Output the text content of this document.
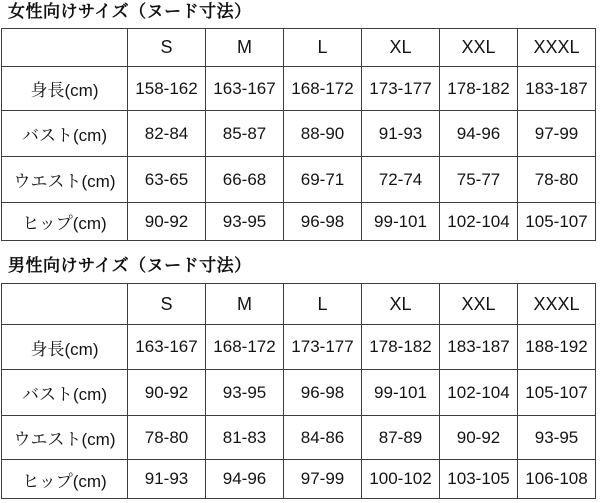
女性向けサイズ（ヌード寸法）
	S	M	L	XL	XXL	XXXL
身長(cm)	158-162	163-167	168-172	173-177	178-182	183-187
バスト(cm)	82-84	85-87	88-90	91-93	94-96	97-99
ウエスト(cm)	63-65	66-68	69-71	72-74	75-77	78-80
ヒップ(cm)	90-92	93-95	96-98	99-101	102-104	105-107
男性向けサイズ（ヌード寸法）
	S	M	L	XL	XXL	XXXL
身長(cm)	163-167	168-172	173-177	178-182	183-187	188-192
バスト(cm)	90-92	93-95	96-98	99-101	102-104	105-107
ウエスト(cm)	78-80	81-83	84-86	87-89	90-92	93-95
ヒップ(cm)	91-93	94-96	97-99	100-102	103-105	106-108
